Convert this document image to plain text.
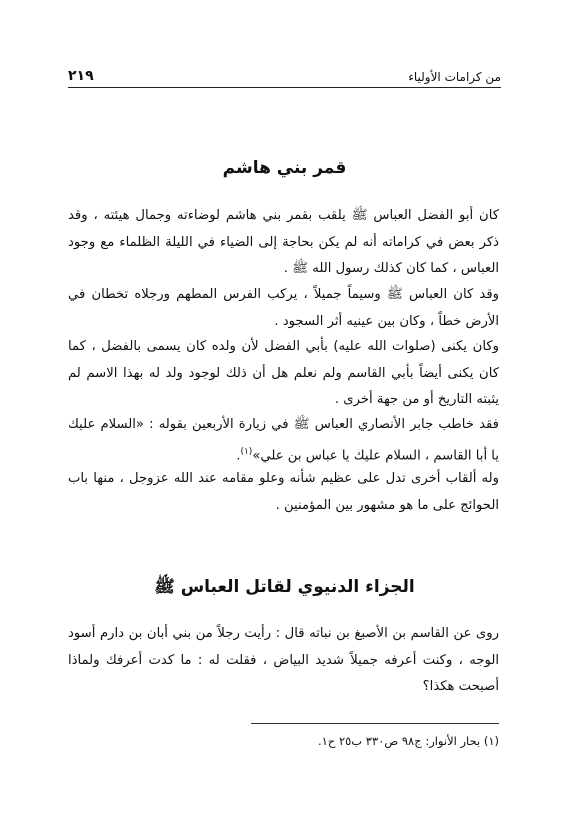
من كرامات الأولياء
٢١٩
قمر بني هاشم

كان أبو الفضل العباس ﷺ يلقب بقمر بني هاشم لوضاءته وجمال هيئته ، وقد ذكر بعض في كراماته أنه لم يكن بحاجة إلى الضياء في الليلة الظلماء مع وجود العباس ، كما كان كذلك رسول الله ﷺ .

وقد كان العباس ﷺ وسيماً جميلاً ، يركب الفرس المطهم ورجلاه تخطان في الأرض خطاً ، وكان بين عينيه أثر السجود .

وكان يكنى (صلوات الله عليه) بأبي الفضل لأن ولده كان يسمى بالفضل ، كما كان يكنى أيضاً بأبي القاسم ولم نعلم هل أن ذلك لوجود ولد له بهذا الاسم لم يثبته التاريخ أو من جهة أخرى .

فقد خاطب جابر الأنصاري العباس ﷺ في زيارة الأربعين بقوله : «السلام عليك يا أبا القاسم ، السلام عليك يا عباس بن علي»$^{(١)}$.

وله ألقاب أخرى تدل على عظيم شأنه وعلو مقامه عند الله عزوجل ، منها باب الحوائج على ما هو مشهور بين المؤمنين .

الجزاء الدنيوي لقاتل العباس ﷺ

روى عن القاسم بن الأصبغ بن نباته قال : رأيت رجلاً من بني أبان بن دارم أسود الوجه ، وكنت أعرفه جميلاً شديد البياض ، فقلت له : ما كدت أعرفك ولماذا أصبحت هكذا؟

(١) بحار الأنوار: ج٩٨ ص٣٣٠ ب٢٥ ح١.
